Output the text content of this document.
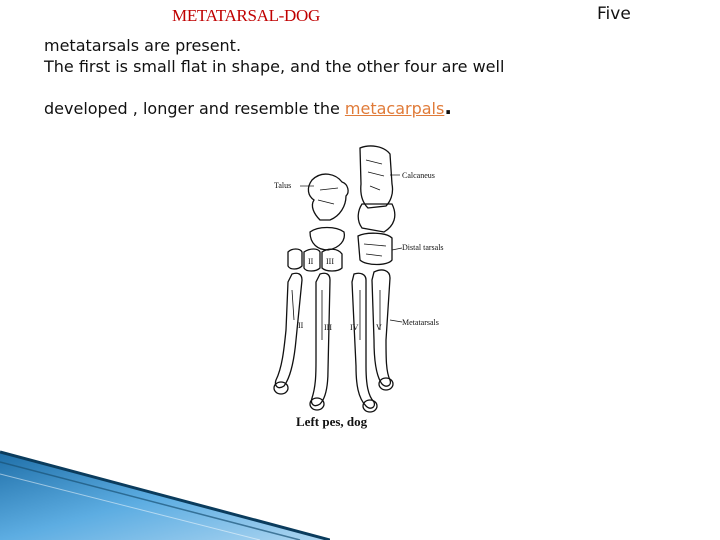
METATARSAL-DOG	Five
metatarsals are present.
The first is small flat in shape, and the other four are well
developed , longer and resemble the metacarpals.
Talus
Calcaneus
Distal tarsals
Metatarsals
II III
II	III IV V
Left pes, dog
